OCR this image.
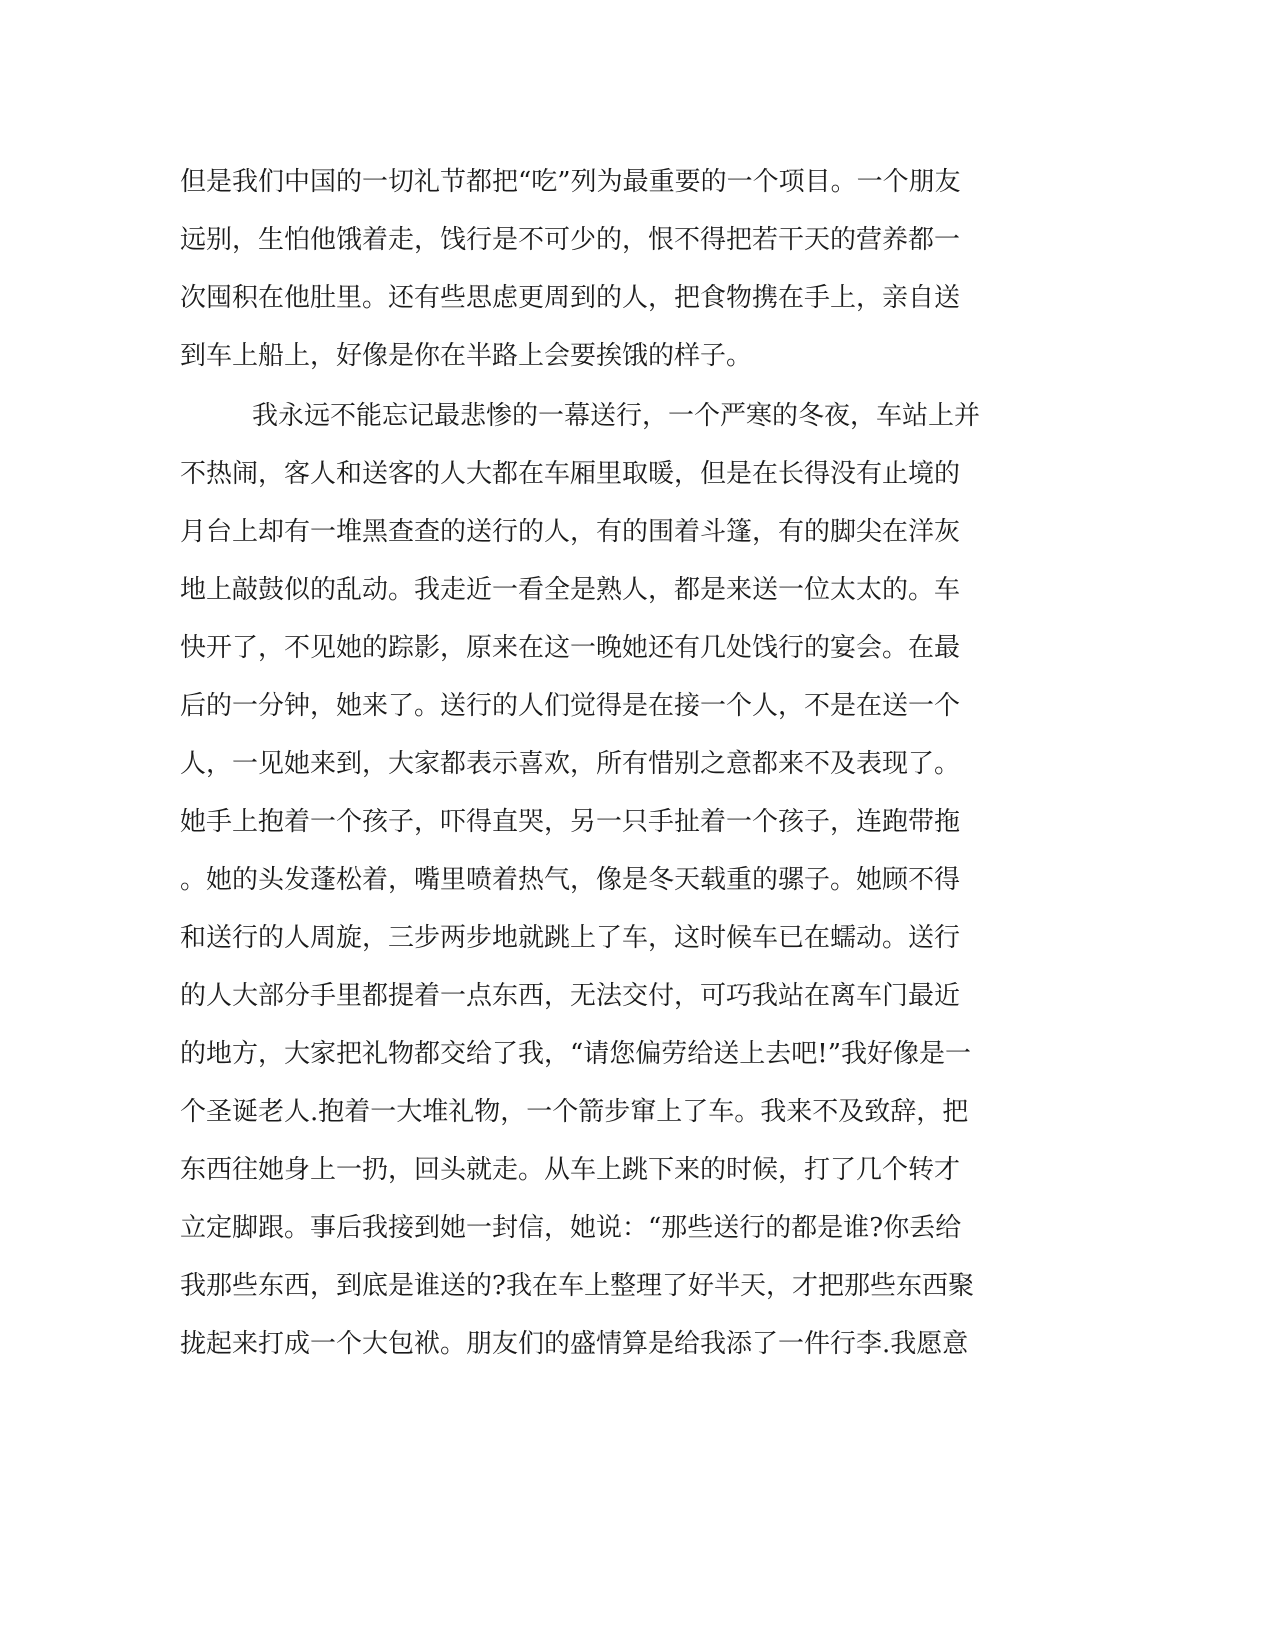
但是我们中国的一切礼节都把“吃”列为最重要的一个项目。一个朋友
远别，生怕他饿着走，饯行是不可少的，恨不得把若干天的营养都一
次囤积在他肚里。还有些思虑更周到的人，把食物携在手上，亲自送
到车上船上，好像是你在半路上会要挨饿的样子。
我永远不能忘记最悲惨的一幕送行，一个严寒的冬夜，车站上并
不热闹，客人和送客的人大都在车厢里取暖，但是在长得没有止境的
月台上却有一堆黑查查的送行的人，有的围着斗篷，有的脚尖在洋灰
地上敲鼓似的乱动。我走近一看全是熟人，都是来送一位太太的。车
快开了，不见她的踪影，原来在这一晚她还有几处饯行的宴会。在最
后的一分钟，她来了。送行的人们觉得是在接一个人，不是在送一个
人，一见她来到，大家都表示喜欢，所有惜别之意都来不及表现了。
她手上抱着一个孩子，吓得直哭，另一只手扯着一个孩子，连跑带拖
。她的头发蓬松着，嘴里喷着热气，像是冬天载重的骡子。她顾不得
和送行的人周旋，三步两步地就跳上了车，这时候车已在蠕动。送行
的人大部分手里都提着一点东西，无法交付，可巧我站在离车门最近
的地方，大家把礼物都交给了我，“请您偏劳给送上去吧!”我好像是一
个圣诞老人.抱着一大堆礼物，一个箭步窜上了车。我来不及致辞，把
东西往她身上一扔，回头就走。从车上跳下来的时候，打了几个转才
立定脚跟。事后我接到她一封信，她说：“那些送行的都是谁?你丢给
我那些东西，到底是谁送的?我在车上整理了好半天，才把那些东西聚
拢起来打成一个大包袱。朋友们的盛情算是给我添了一件行李.我愿意
